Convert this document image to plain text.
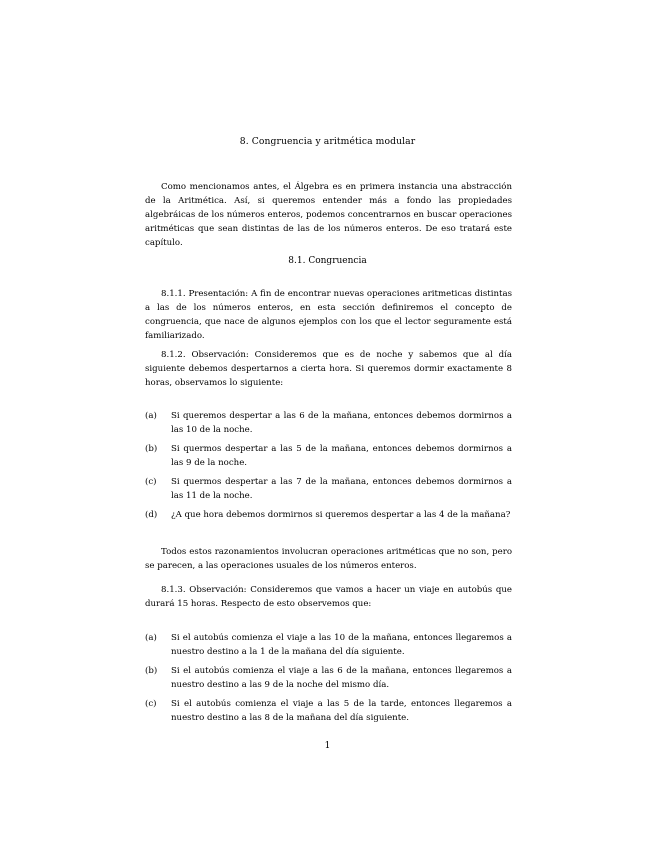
8. Congruencia y aritmética modular
Como mencionamos antes, el Álgebra es en primera instancia una abstracción de la Aritmética. Así, si queremos entender más a fondo las propiedades algebráicas de los números enteros, podemos concentrarnos en buscar operaciones aritméticas que sean distintas de las de los números enteros. De eso tratará este capítulo.
8.1. Congruencia
8.1.1. Presentación: A fin de encontrar nuevas operaciones aritmeticas distintas a las de los números enteros, en esta sección definiremos el concepto de congruencia, que nace de algunos ejemplos con los que el lector seguramente está familiarizado.
8.1.2. Observación: Consideremos que es de noche y sabemos que al día siguiente debemos despertarnos a cierta hora. Si queremos dormir exactamente 8 horas, observamos lo siguiente:
(a)	Si queremos despertar a las 6 de la mañana, entonces debemos dormirnos a las 10 de la noche.
(b)	Si quermos despertar a las 5 de la mañana, entonces debemos dormirnos a las 9 de la noche.
(c)	Si quermos despertar a las 7 de la mañana, entonces debemos dormirnos a las 11 de la noche.
(d)	¿A que hora debemos dormirnos si queremos despertar a las 4 de la mañana?
Todos estos razonamientos involucran operaciones aritméticas que no son, pero se parecen, a las operaciones usuales de los números enteros.
8.1.3. Observación: Consideremos que vamos a hacer un viaje en autobús que durará 15 horas. Respecto de esto observemos que:
(a)	Si el autobús comienza el viaje a las 10 de la mañana, entonces llegaremos a nuestro destino a la 1 de la mañana del día siguiente.
(b)	Si el autobús comienza el viaje a las 6 de la mañana, entonces llegaremos a nuestro destino a las 9 de la noche del mismo día.
(c)	Si el autobús comienza el viaje a las 5 de la tarde, entonces llegaremos a nuestro destino a las 8 de la mañana del día siguiente.
1
